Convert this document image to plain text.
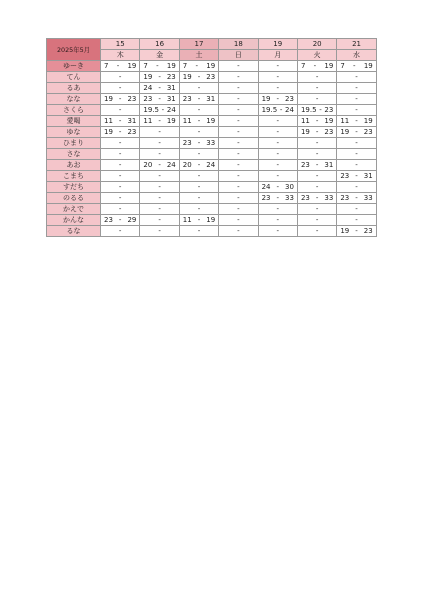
2025年5月	15	16	17	18	19	20	21
	木	金	土	日	月	火	水
ゆーき	7 - 19	7 - 19	7 - 19	-	-	7 - 19	7 - 19

てん	-	19 - 23	19 - 23	-	-	-	-

るあ	-	24 - 31	-	-	-	-	-

なな	19 - 23	23 - 31	23 - 31	-	19 - 23	-	-

さくら	-	19.5 - 24	-	-	19.5 - 24	19.5 - 23	-

愛喝	11 - 31	11 - 19	11 - 19	-	-	11 - 19	11 - 19

ゆな	19 - 23	-	-	-	-	19 - 23	19 - 23

ひまり	-	-	23 - 33	-	-	-	-

さな	-	-	-	-	-	-	-

あお	-	20 - 24	20 - 24	-	-	23 - 31	-

こまち	-	-	-	-	-	-	23 - 31

すだち	-	-	-	-	24 - 30	-	-

のるる	-	-	-	-	23 - 33	23 - 33	23 - 33

かえで	-	-	-	-	-	-	-

かんな	23 - 29	-	11 - 19	-	-	-	-

るな	-	-	-	-	-	-	19 - 23
